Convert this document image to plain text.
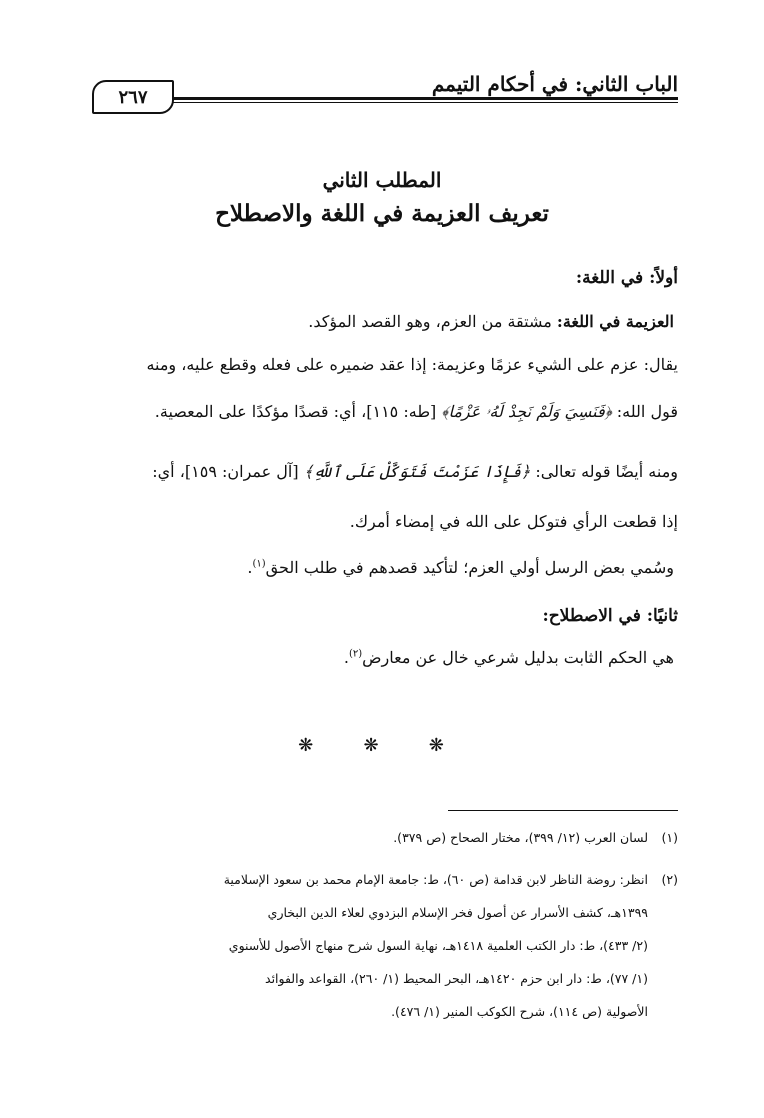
الباب الثاني: في أحكام التيمم
٢٦٧
المطلب الثاني
تعريف العزيمة في اللغة والاصطلاح
أولاً: في اللغة:
العزيمة في اللغة: مشتقة من العزم، وهو القصد المؤكد.
يقال: عزم على الشيء عزمًا وعزيمة: إذا عقد ضميره على فعله وقطع عليه، ومنه
قول الله: ﴿فَنَسِيَ وَلَمْ نَجِدْ لَهُۥ عَزْمًا﴾ [طه: ١١٥]، أي: قصدًا مؤكدًا على المعصية.
ومنه أيضًا قوله تعالى: ﴿فَإِذَا عَزَمْتَ فَتَوَكَّلْ عَلَى ٱللَّهِ﴾ [آل عمران: ١٥٩]، أي:
إذا قطعت الرأي فتوكل على الله في إمضاء أمرك.
وسُمي بعض الرسل أولي العزم؛ لتأكيد قصدهم في طلب الحق$^{(١)}$.
ثانيًا: في الاصطلاح:
هي الحكم الثابت بدليل شرعي خال عن معارض$^{(٢)}$.
❋ ❋ ❋
(١)لسان العرب (١٢/ ٣٩٩)، مختار الصحاح (ص ٣٧٩).
(٢)انظر: روضة الناظر لابن قدامة (ص ٦٠)، ط: جامعة الإمام محمد بن سعود الإسلامية
١٣٩٩هـ، كشف الأسرار عن أصول فخر الإسلام البزدوي لعلاء الدين البخاري
(٢/ ٤٣٣)، ط: دار الكتب العلمية ١٤١٨هـ، نهاية السول شرح منهاج الأصول للأسنوي
(١/ ٧٧)، ط: دار ابن حزم ١٤٢٠هـ، البحر المحيط (١/ ٢٦٠)، القواعد والفوائد
الأصولية (ص ١١٤)، شرح الكوكب المنير (١/ ٤٧٦).
